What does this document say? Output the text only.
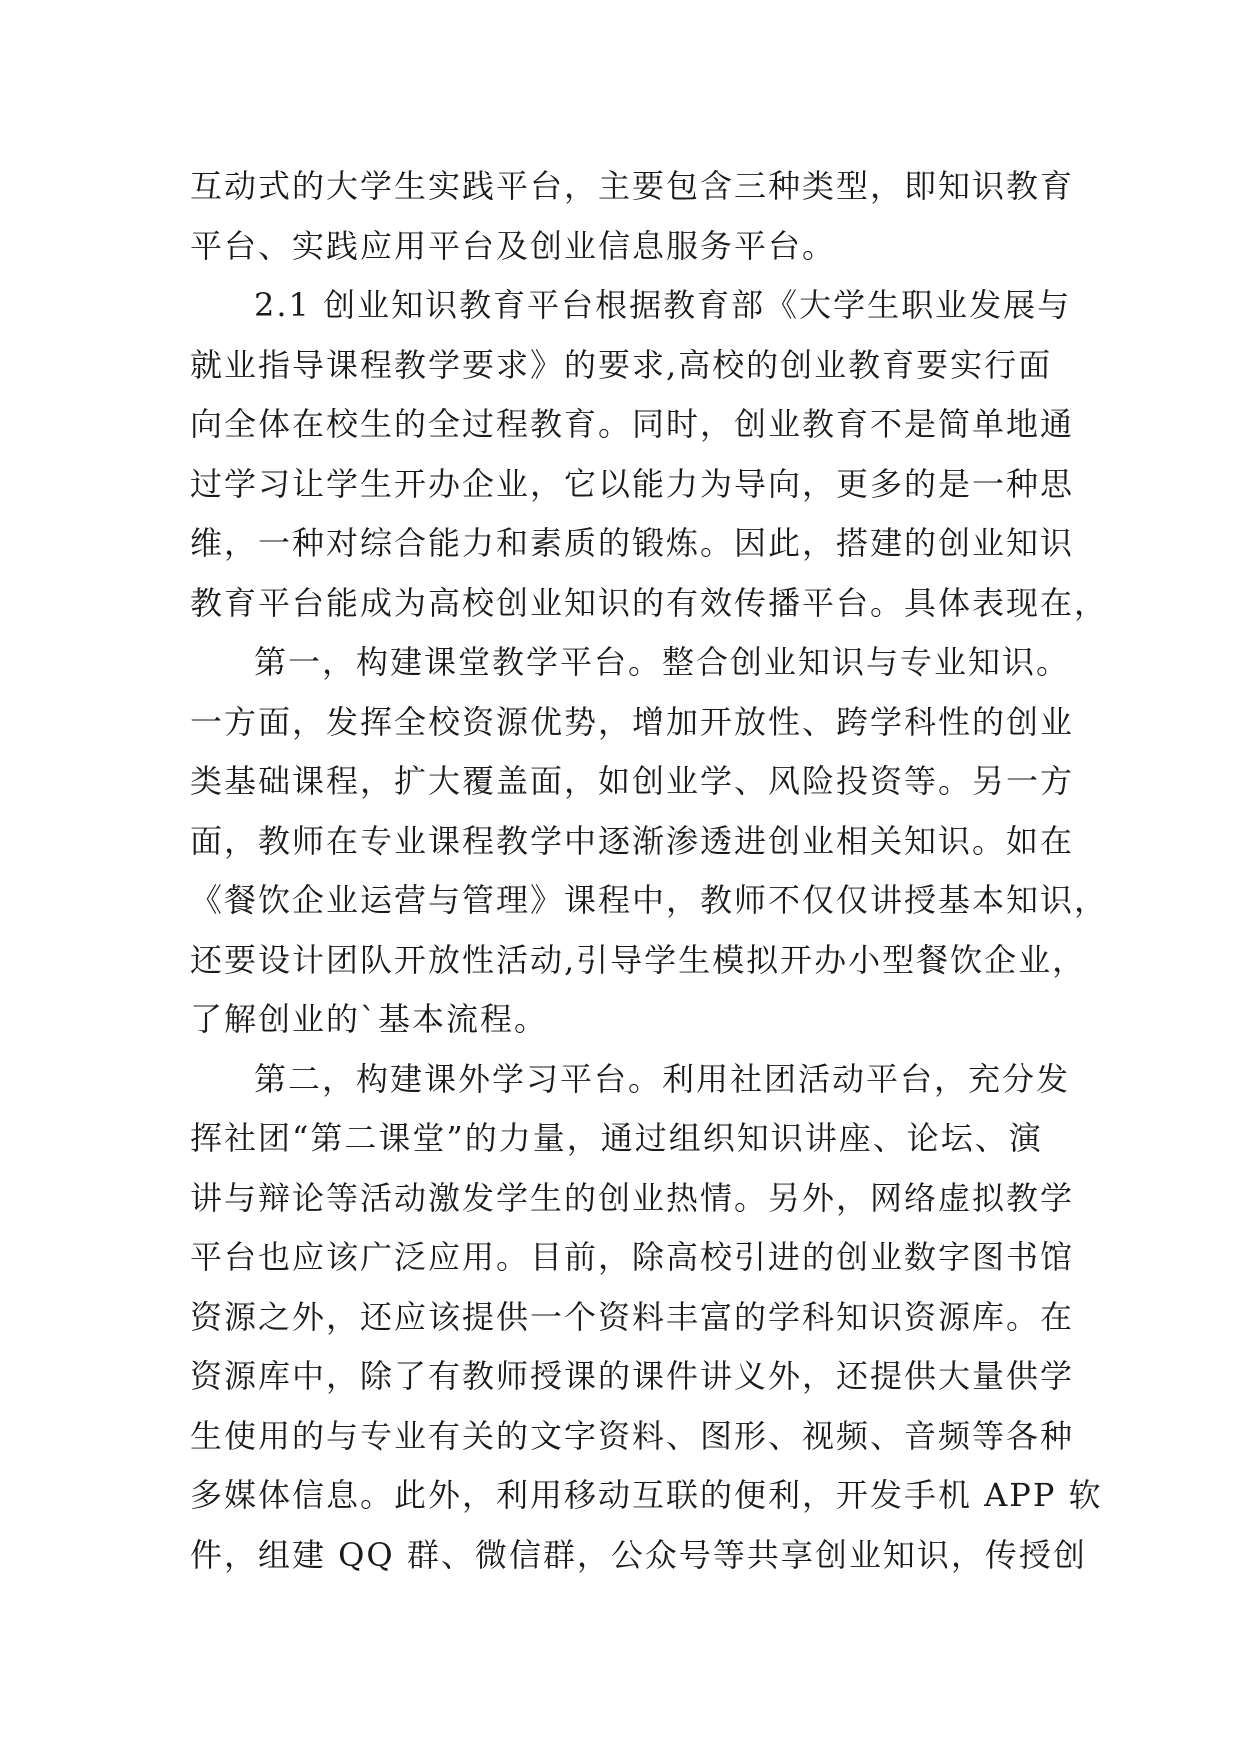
互动式的大学生实践平台，主要包含三种类型，即知识教育
平台、实践应用平台及创业信息服务平台。
2.1 创业知识教育平台根据教育部《大学生职业发展与
就业指导课程教学要求》的要求,高校的创业教育要实行面
向全体在校生的全过程教育。同时，创业教育不是简单地通
过学习让学生开办企业，它以能力为导向，更多的是一种思
维，一种对综合能力和素质的锻炼。因此，搭建的创业知识
教育平台能成为高校创业知识的有效传播平台。具体表现在，
第一，构建课堂教学平台。整合创业知识与专业知识。
一方面，发挥全校资源优势，增加开放性、跨学科性的创业
类基础课程，扩大覆盖面，如创业学、风险投资等。另一方
面，教师在专业课程教学中逐渐渗透进创业相关知识。如在
《餐饮企业运营与管理》课程中，教师不仅仅讲授基本知识，
还要设计团队开放性活动,引导学生模拟开办小型餐饮企业，
了解创业的`基本流程。
第二，构建课外学习平台。利用社团活动平台，充分发
挥社团“第二课堂”的力量，通过组织知识讲座、论坛、演
讲与辩论等活动激发学生的创业热情。另外，网络虚拟教学
平台也应该广泛应用。目前，除高校引进的创业数字图书馆
资源之外，还应该提供一个资料丰富的学科知识资源库。在
资源库中，除了有教师授课的课件讲义外，还提供大量供学
生使用的与专业有关的文字资料、图形、视频、音频等各种
多媒体信息。此外，利用移动互联的便利，开发手机 APP 软
件，组建 QQ 群、微信群，公众号等共享创业知识，传授创
